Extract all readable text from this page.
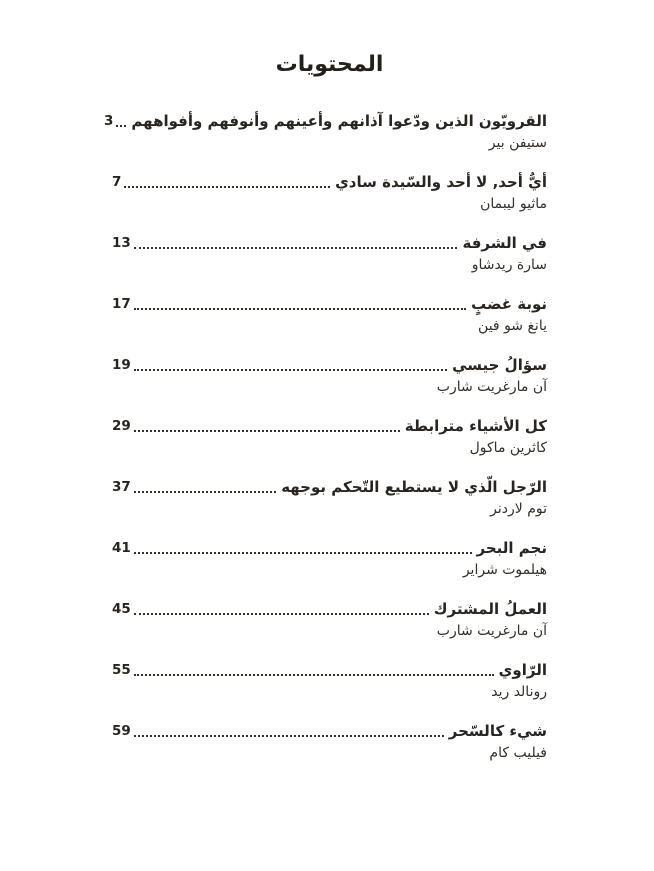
المحتويات
القرويّون الذين ودّعوا آذانهم وأعينهم وأنوفهم وأفواههم
3
ستيفن بير
أيُّ أحد, لا أحد والسّيدة سادي
7
ماثيو ليبمان
في الشرفة
13
سارة ريدشاو
نوبة غضبٍ
17
يانغ شو فين
سؤالُ جيسي
19
آن مارغريت شارب
كل الأشياء مترابطة
29
كاثرين ماكول
الرّجل الّذي لا يستطيع التّحكم بوجهه
37
توم لاردنر
نجم البحر
41
هيلموت شراير
العملُ المشترك
45
آن مارغريت شارب
الرّاوي
55
رونالد ريد
شيء كالسّحر
59
فيليب كام
